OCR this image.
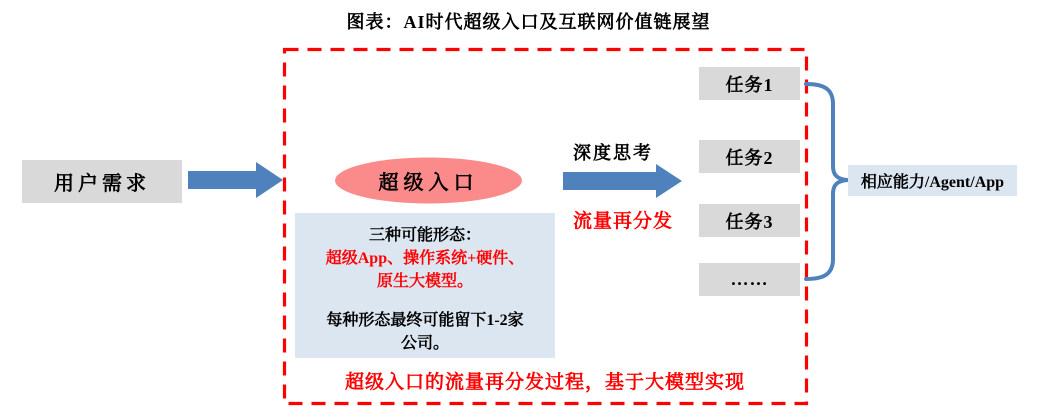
图表：AI时代超级入口及互联网价值链展望
用户需求	超级入口
三种可能形态：
超级App、操作系统+硬件、
原生大模型。
每种形态最终可能留下1-2家
公司。
深度思考
流量再分发
任务1
任务2
任务3
……
相应能力/Agent/App
超级入口的流量再分发过程，基于大模型实现
